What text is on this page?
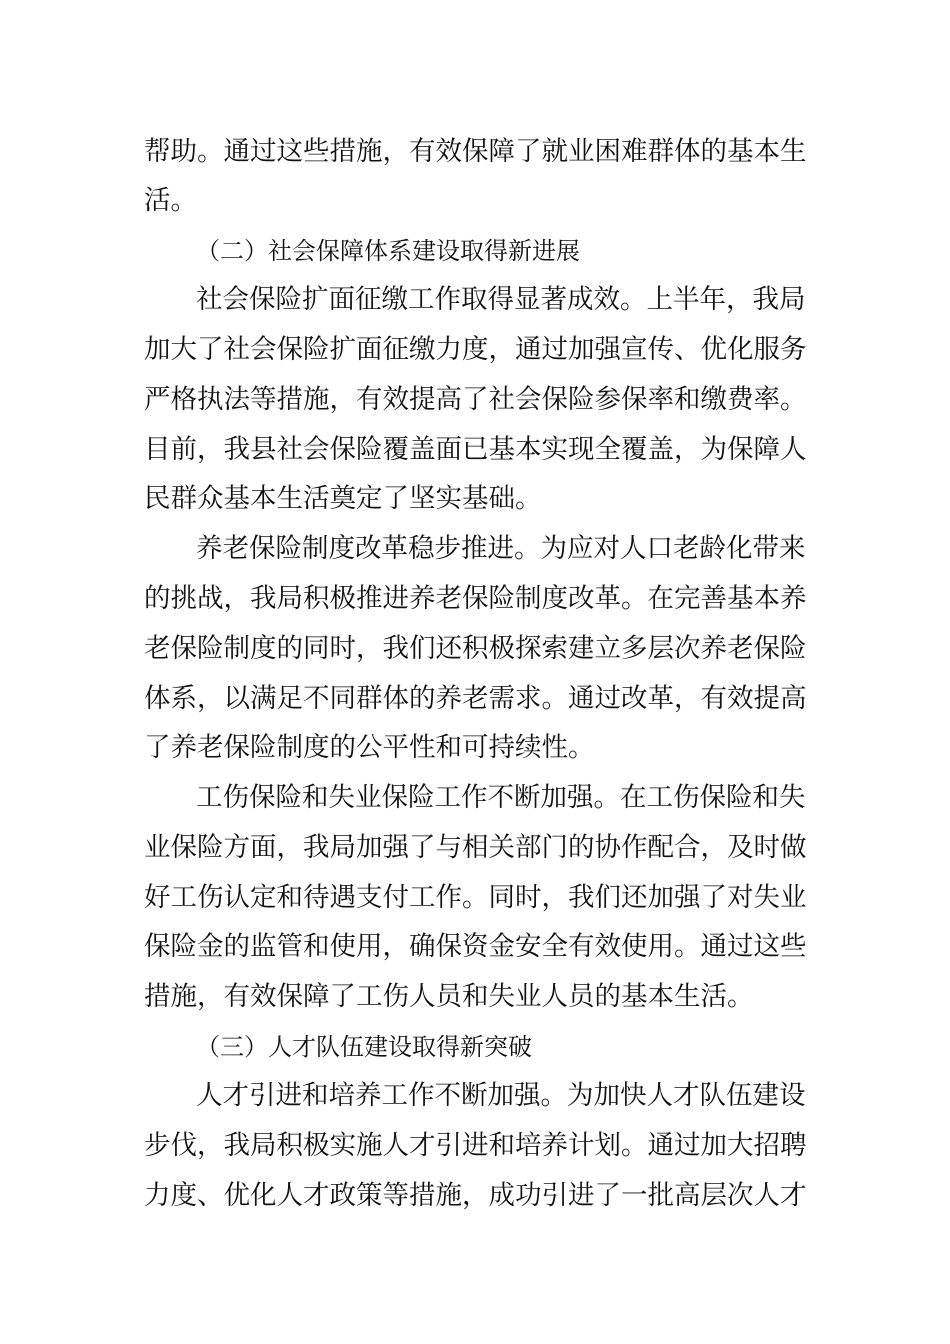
帮助。通过这些措施，有效保障了就业困难群体的基本生
活。
（二）社会保障体系建设取得新进展
社会保险扩面征缴工作取得显著成效。上半年，我局
加大了社会保险扩面征缴力度，通过加强宣传、优化服务
严格执法等措施，有效提高了社会保险参保率和缴费率。
目前，我县社会保险覆盖面已基本实现全覆盖，为保障人
民群众基本生活奠定了坚实基础。
养老保险制度改革稳步推进。为应对人口老龄化带来
的挑战，我局积极推进养老保险制度改革。在完善基本养
老保险制度的同时，我们还积极探索建立多层次养老保险
体系，以满足不同群体的养老需求。通过改革，有效提高
了养老保险制度的公平性和可持续性。
工伤保险和失业保险工作不断加强。在工伤保险和失
业保险方面，我局加强了与相关部门的协作配合，及时做
好工伤认定和待遇支付工作。同时，我们还加强了对失业
保险金的监管和使用，确保资金安全有效使用。通过这些
措施，有效保障了工伤人员和失业人员的基本生活。
（三）人才队伍建设取得新突破
人才引进和培养工作不断加强。为加快人才队伍建设
步伐，我局积极实施人才引进和培养计划。通过加大招聘
力度、优化人才政策等措施，成功引进了一批高层次人才
